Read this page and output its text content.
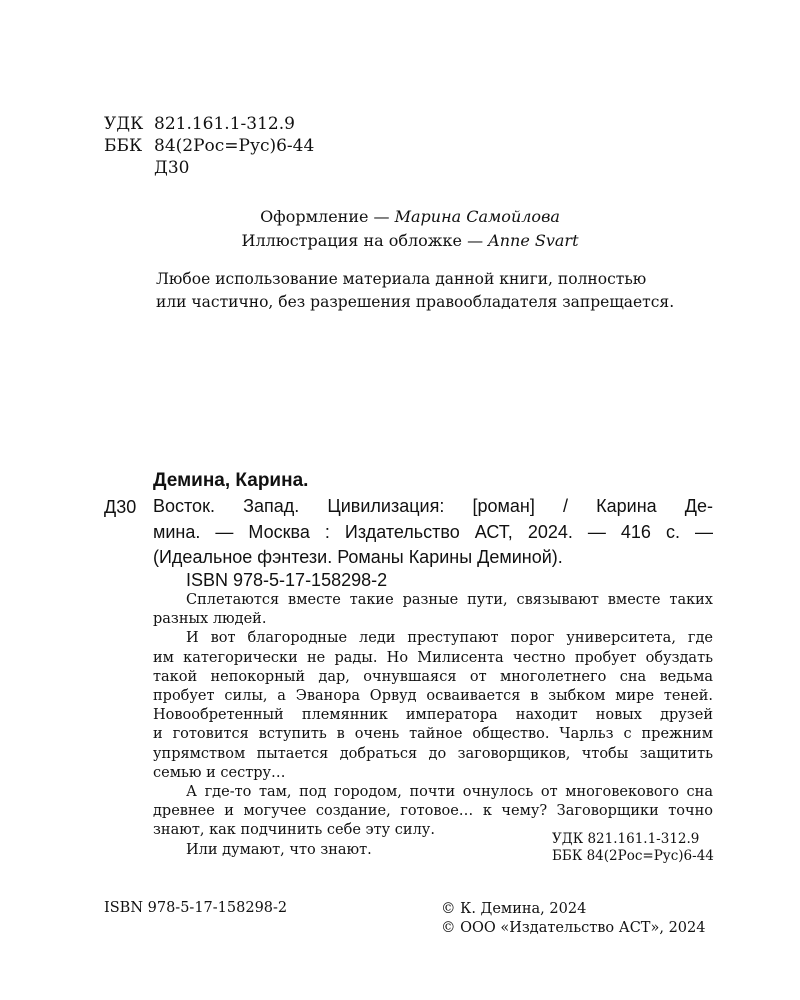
УДК 821.161.1-312.9
ББК 84(2Рос=Рус)6-44
Д30
Оформление — Марина Самойлова
Иллюстрация на обложке — Anne Svart
Любое использование материала данной книги, полностью
или частично, без разрешения правообладателя запрещается.
Демина, Карина.
Д30 Восток. Запад. Цивилизация: [роман] / Карина Де-
мина. — Москва : Издательство АСТ, 2024. — 416 с. —
(Идеальное фэнтези. Романы Карины Деминой).
ISBN 978-5-17-158298-2
Сплетаются вместе такие разные пути, связывают вместе таких
разных людей.
И вот благородные леди преступают порог университета, где
им категорически не рады. Но Милисента честно пробует обуздать
такой непокорный дар, очнувшаяся от многолетнего сна ведьма
пробует силы, а Эванора Орвуд осваивается в зыбком мире теней.
Новообретенный племянник императора находит новых друзей
и готовится вступить в очень тайное общество. Чарльз с прежним
упрямством пытается добраться до заговорщиков, чтобы защитить
семью и сестру…
А где-то там, под городом, почти очнулось от многовекового сна
древнее и могучее создание, готовое… к чему? Заговорщики точно
знают, как подчинить себе эту силу.
Или думают, что знают.
УДК 821.161.1-312.9
ББК 84(2Рос=Рус)6-44
ISBN 978-5-17-158298-2	© К. Демина, 2024
© ООО «Издательство АСТ», 2024
